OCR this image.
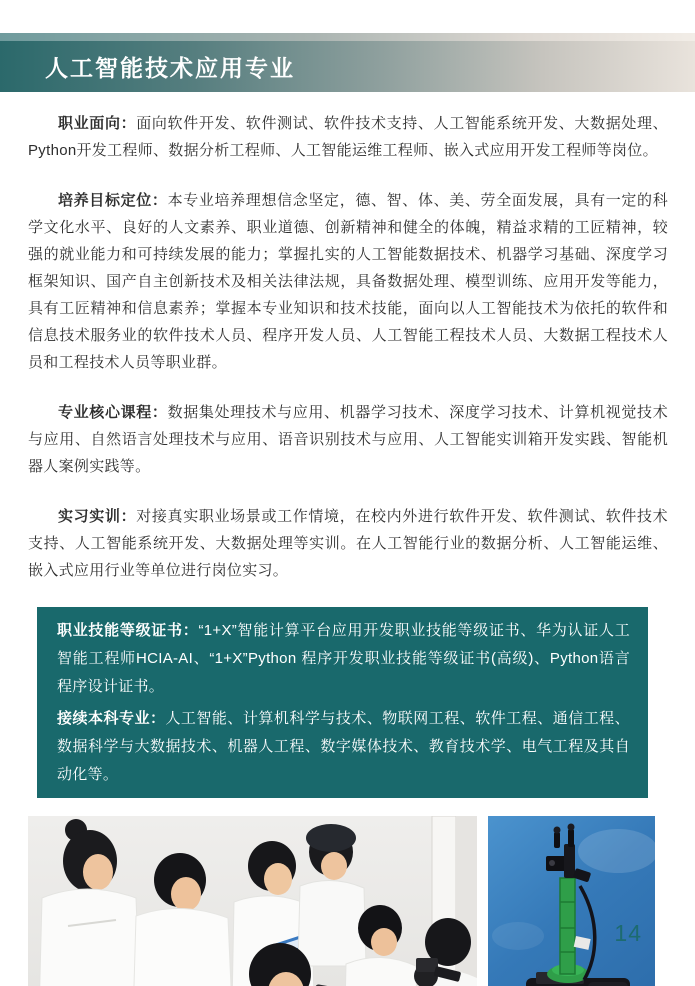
人工智能技术应用专业

职业面向：面向软件开发、软件测试、软件技术支持、人工智能系统开发、大数据处理、Python开发工程师、数据分析工程师、人工智能运维工程师、嵌入式应用开发工程师等岗位。

培养目标定位：本专业培养理想信念坚定，德、智、体、美、劳全面发展，具有一定的科学文化水平、良好的人文素养、职业道德、创新精神和健全的体魄，精益求精的工匠精神，较强的就业能力和可持续发展的能力；掌握扎实的人工智能数据技术、机器学习基础、深度学习框架知识、国产自主创新技术及相关法律法规，具备数据处理、模型训练、应用开发等能力，具有工匠精神和信息素养；掌握本专业知识和技术技能，面向以人工智能技术为依托的软件和信息技术服务业的软件技术人员、程序开发人员、人工智能工程技术人员、大数据工程技术人员和工程技术人员等职业群。

专业核心课程：数据集处理技术与应用、机器学习技术、深度学习技术、计算机视觉技术与应用、自然语言处理技术与应用、语音识别技术与应用、人工智能实训箱开发实践、智能机器人案例实践等。

实习实训：对接真实职业场景或工作情境，在校内外进行软件开发、软件测试、软件技术支持、人工智能系统开发、大数据处理等实训。在人工智能行业的数据分析、人工智能运维、嵌入式应用行业等单位进行岗位实习。

职业技能等级证书：“1+X”智能计算平台应用开发职业技能等级证书、华为认证人工智能工程师HCIA-AI、“1+X”Python 程序开发职业技能等级证书(高级)、Python语言程序设计证书。

接续本科专业：人工智能、计算机科学与技术、物联网工程、软件工程、通信工程、数据科学与大数据技术、机器人工程、数字媒体技术、教育技术学、电气工程及其自动化等。

14
